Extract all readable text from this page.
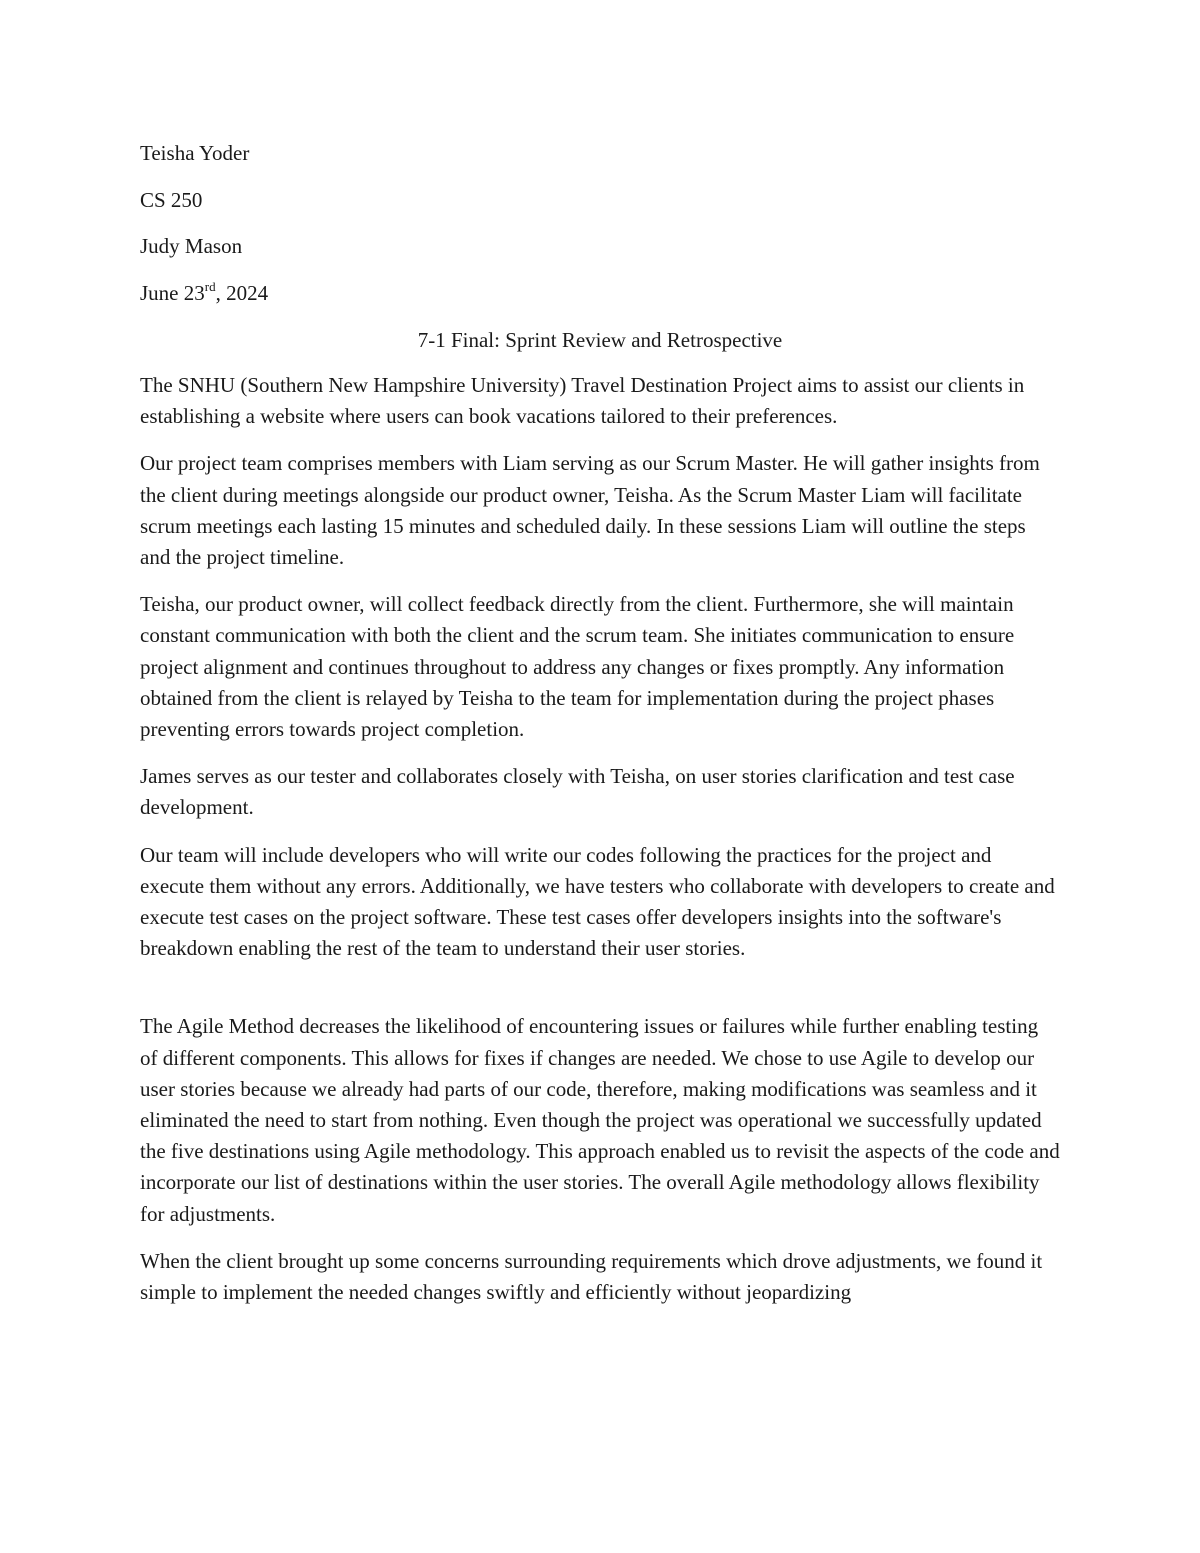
Teisha Yoder
CS 250
Judy Mason
June 23rd, 2024
7-1 Final: Sprint Review and Retrospective

The SNHU (Southern New Hampshire University) Travel Destination Project aims to assist our clients in establishing a website where users can book vacations tailored to their preferences.

Our project team comprises members with Liam serving as our Scrum Master. He will gather insights from the client during meetings alongside our product owner, Teisha. As the Scrum Master Liam will facilitate scrum meetings each lasting 15 minutes and scheduled daily. In these sessions Liam will outline the steps and the project timeline.

Teisha, our product owner, will collect feedback directly from the client. Furthermore, she will maintain constant communication with both the client and the scrum team. She initiates communication to ensure project alignment and continues throughout to address any changes or fixes promptly. Any information obtained from the client is relayed by Teisha to the team for implementation during the project phases preventing errors towards project completion.

James serves as our tester and collaborates closely with Teisha, on user stories clarification and test case development.

Our team will include developers who will write our codes following the practices for the project and execute them without any errors. Additionally, we have testers who collaborate with developers to create and execute test cases on the project software. These test cases offer developers insights into the software's breakdown enabling the rest of the team to understand their user stories.

The Agile Method decreases the likelihood of encountering issues or failures while further enabling testing of different components. This allows for fixes if changes are needed. We chose to use Agile to develop our user stories because we already had parts of our code, therefore, making modifications was seamless and it eliminated the need to start from nothing. Even though the project was operational we successfully updated the five destinations using Agile methodology. This approach enabled us to revisit the aspects of the code and incorporate our list of destinations within the user stories. The overall Agile methodology allows flexibility for adjustments.

When the client brought up some concerns surrounding requirements which drove adjustments, we found it simple to implement the needed changes swiftly and efficiently without jeopardizing
